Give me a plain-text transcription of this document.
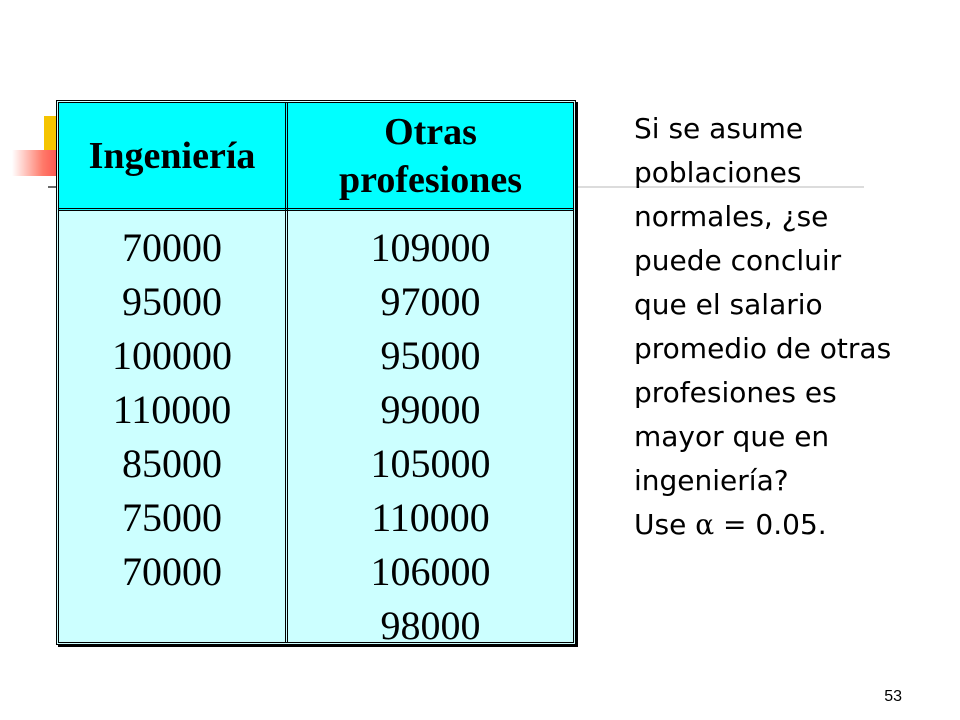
Ingeniería
Otras profesiones
70000
95000
100000
110000
85000
75000
70000
109000
97000
95000
99000
105000
110000
106000
98000
Si se asume poblaciones normales, ¿se puede concluir que el salario promedio de otras profesiones es mayor que en ingeniería?
Use α = 0.05.
53
